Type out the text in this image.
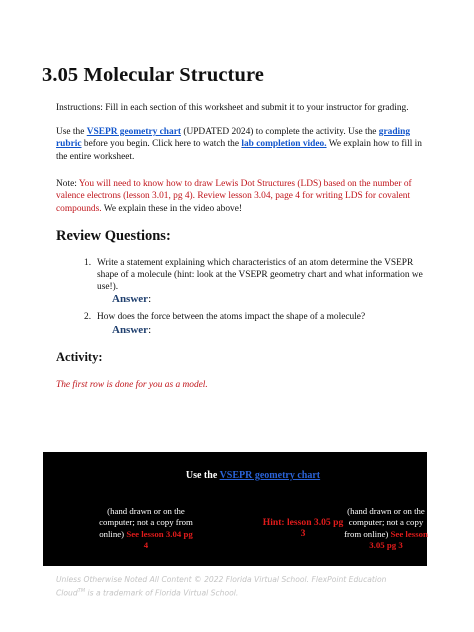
3.05 Molecular Structure

Instructions: Fill in each section of this worksheet and submit it to your instructor for grading.

Use the VSEPR geometry chart (UPDATED 2024) to complete the activity. Use the grading rubric before you begin. Click here to watch the lab completion video. We explain how to fill in the entire worksheet.

Note: You will need to know how to draw Lewis Dot Structures (LDS) based on the number of valence electrons (lesson 3.01, pg 4). Review lesson 3.04, page 4 for writing LDS for covalent compounds. We explain these in the video above!

Review Questions:
1. Write a statement explaining which characteristics of an atom determine the VSEPR shape of a molecule (hint: look at the VSEPR geometry chart and what information we use!).
Answer:
2. How does the force between the atoms impact the shape of a molecule?
Answer:
Activity:

The first row is done for you as a model.

Use the VSEPR geometry chart
(hand drawn or on the computer; not a copy from online) See lesson 3.04 pg 4
Hint: lesson 3.05 pg 3
(hand drawn or on the computer; not a copy from online) See lesson 3.05 pg 3

Unless Otherwise Noted All Content © 2022 Florida Virtual School. FlexPoint Education Cloud™ is a trademark of Florida Virtual School.
